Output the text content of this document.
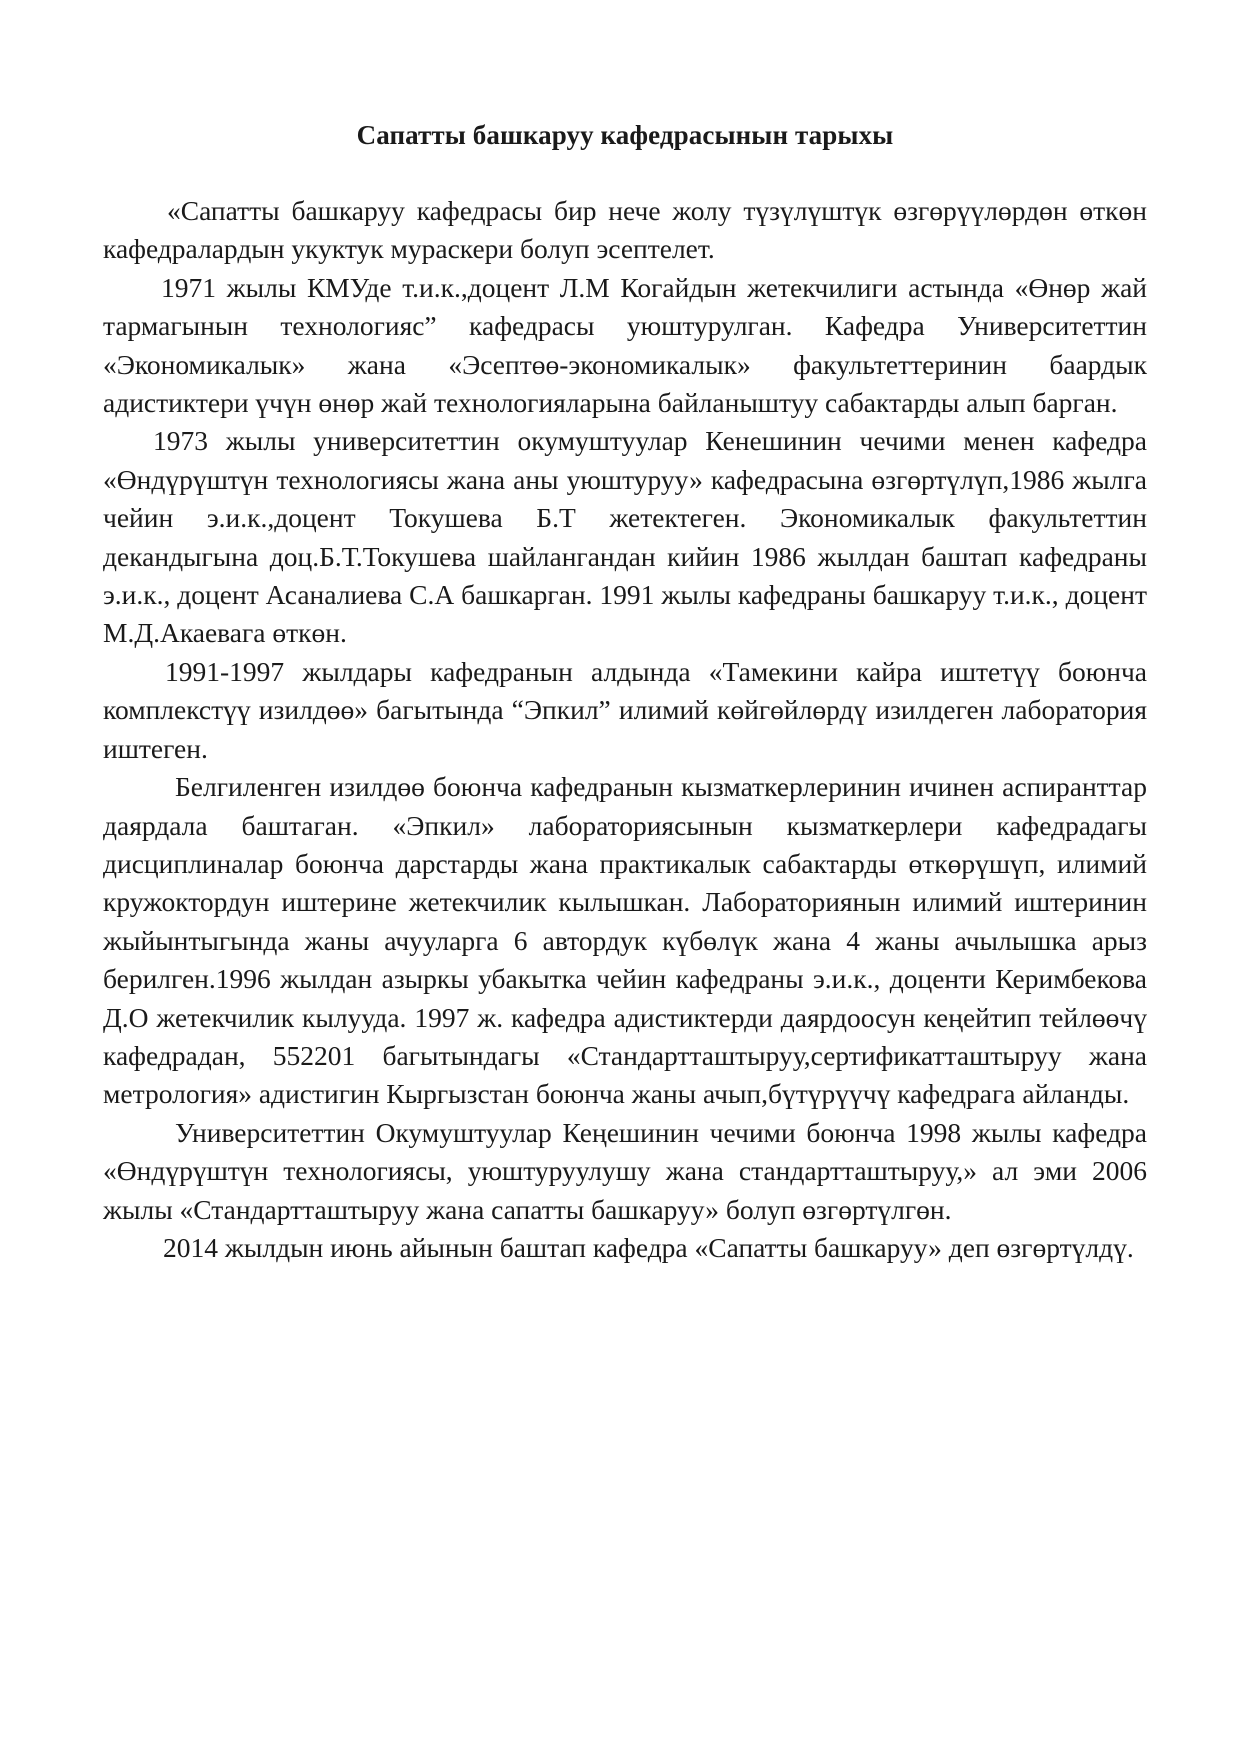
Сапатты башкаруу кафедрасынын тарыхы

«Сапатты башкаруу кафедрасы бир нече жолу түзүлүштүк өзгөрүүлөрдөн өткөн кафедралардын укуктук мураскери болуп эсептелет.

1971 жылы КМУде т.и.к.,доцент Л.М Когайдын жетекчилиги астында «Өнөр жай тармагынын технологияс” кафедрасы уюштурулган. Кафедра Университеттин «Экономикалык» жана «Эсептөө-экономикалык» факультеттеринин баардык адистиктери үчүн өнөр жай технологияларына байланыштуу сабактарды алып барган.

1973 жылы университеттин окумуштуулар Кенешинин чечими менен кафедра «Өндүрүштүн технологиясы жана аны уюштуруу» кафедрасына өзгөртүлүп,1986 жылга чейин э.и.к.,доцент Токушева Б.Т жетектеген. Экономикалык факультеттин декандыгына доц.Б.Т.Токушева шайлангандан кийин 1986 жылдан баштап кафедраны э.и.к., доцент Асаналиева С.А башкарган. 1991 жылы кафедраны башкаруу т.и.к., доцент М.Д.Акаевага өткөн.

1991-1997 жылдары кафедранын алдында «Тамекини кайра иштетүү боюнча комплекстүү изилдөө» багытында “Эпкил” илимий көйгөйлөрдү изилдеген лаборатория иштеген.

Белгиленген изилдөө боюнча кафедранын кызматкерлеринин ичинен аспиранттар даярдала баштаган. «Эпкил» лабораториясынын кызматкерлери кафедрадагы дисциплиналар боюнча дарстарды жана практикалык сабактарды өткөрүшүп, илимий кружоктордун иштерине жетекчилик кылышкан. Лабораториянын илимий иштеринин жыйынтыгында жаны ачууларга 6 автордук күбөлүк жана 4 жаны ачылышка арыз берилген.1996 жылдан азыркы убакытка чейин кафедраны э.и.к., доценти Керимбекова Д.О жетекчилик кылууда. 1997 ж. кафедра адистиктерди даярдоосун кеңейтип тейлөөчү кафедрадан, 552201 багытындагы «Стандартташтыруу,сертификатташтыруу жана метрология» адистигин Кыргызстан боюнча жаны ачып,бүтүрүүчү кафедрага айланды.

Университеттин Окумуштуулар Кеңешинин чечими боюнча 1998 жылы кафедра «Өндүрүштүн технологиясы, уюштуруулушу жана стандартташтыруу,» ал эми 2006 жылы «Стандартташтыруу жана сапатты башкаруу» болуп өзгөртүлгөн.

2014 жылдын июнь айынын баштап кафедра «Сапатты башкаруу» деп өзгөртүлдү.
